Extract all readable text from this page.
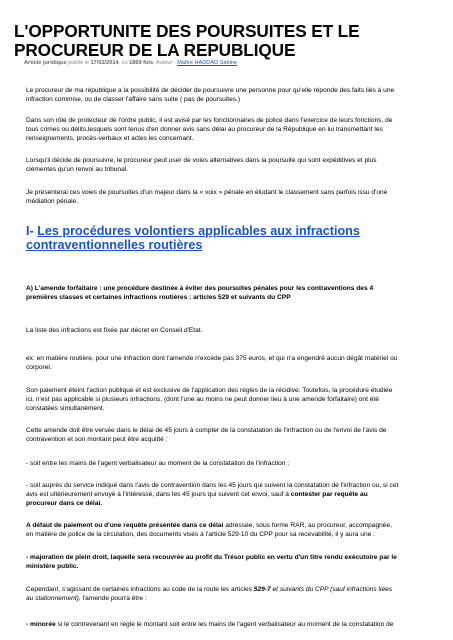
L'OPPORTUNITE DES POURSUITES ET LE
PROCUREUR DE LA REPUBLIQUE
Article juridique publié le 17/02/2014, vu 1869 fois, Auteur : Maître HADDAD Sabine

Le procureur de ma république a la possibilité de décider de poursuivre une personne pour qu'elle réponde des faits liés à une
infraction commise, ou de classer l'affaire sans suite ( pas de poursuites.)

Dans son rôle de protecteur de l'ordre public, il est avisé par les fonctionnaires de police dans l'exercice de leurs fonctions, de
tous crimes ou délits,lesquels sont tenus d'en donner avis sans délai au procureur de la République en lui transmettant les
renseignements, procès-verbaux et actes les concernant.

Lorsqu'il décide de poursuivre, le procureur peut user de voies alternatives dans la poursuite qui sont expéditives et plus
clémentes qu'un renvoi au tribunal.

Je présenterai ces voies de poursuites d'un majeur dans la « voix » pénale en éludant le classement sans parfois issu d'une
médiation pénale.

I- Les procédures volontiers applicables aux infractions
contraventionnelles routières

A) L'amende forfaitaire : une procédure destinée à éviter des poursuites pénales pour les contraventions des 4
premières classes et certaines infractions routières : articles 529 et suivants du CPP

La liste des infractions est fixée par décret en Conseil d'Etat.

ex: en matière routière, pour une infraction dont l'amende n'excède pas 375 euros, et qui n'a engendré aucun dégât matériel ou
corporel.

Son paiement éteint l'action publique et est exclusive de l'application des règles de la récidive. Toutefois, la procédure étudiée
ici, n'est pas applicable si plusieurs infractions, (dont l'une au moins ne peut donner lieu à une amende forfaitaire) ont été
constatées simultanément.

Cette amende doit être versée dans le délai de 45 jours à compter de la constatation de l'infraction ou de l'envoi de l'avis de
contravention et son montant peut être acquitté :

- soit entre les mains de l'agent verbalisateur au moment de la constatation de l'infraction ;

- soit auprès du service indiqué dans l'avis de contravention dans les 45 jours qui suivent la constatation de l'infraction ou, si cet
avis est ultérieurement envoyé à l'intéressé, dans les 45 jours qui suivent cet envoi, sauf à contester par requête au
procureur dans ce délai.

A défaut de paiement ou d'une requête présentée dans ce délai adressée, sous forme RAR, au procureur, accompagnée,
en matière de police de la circulation, des documents visés à l'article 529-10 du CPP pour sa recevabilité, il y aura une :

- majoration de plein droit, laquelle sera recouvrée au profit du Trésor public en vertu d'un titre rendu exécutoire par le
ministère public.

Cependant, s'agissant de certaines infractions au code de la route les articles 529-7 et suivants du CPP (sauf infractions liées
au stationnement), l'amende pourra être :

- minorée si le contrevenant en règle le montant soit entre les mains de l'agent verbalisateur au moment de la constatation de
